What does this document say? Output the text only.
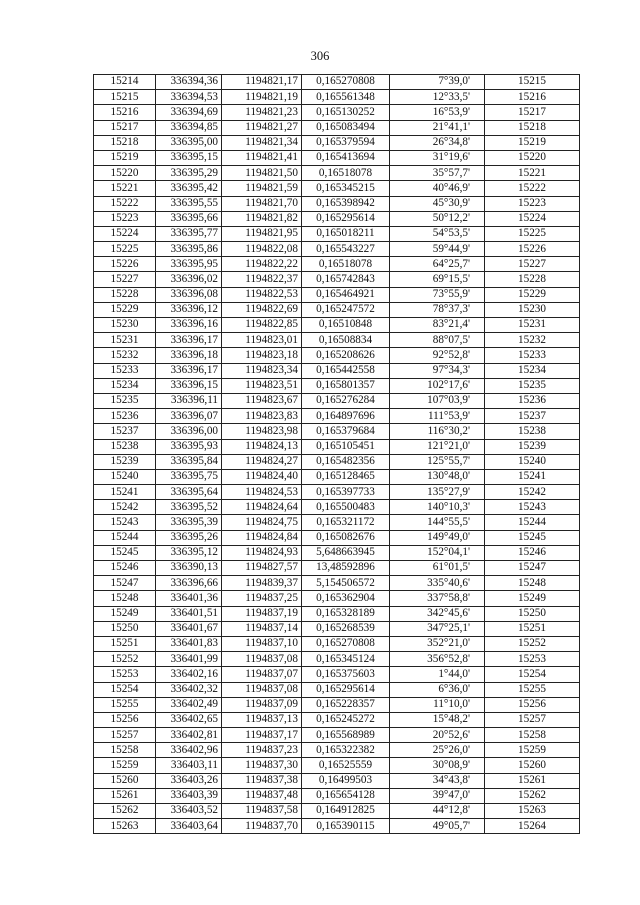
306
15214	336394,36	1194821,17	0,165270808	7°39,0'	15215
15215	336394,53	1194821,19	0,165561348	12°33,5'	15216
15216	336394,69	1194821,23	0,165130252	16°53,9'	15217
15217	336394,85	1194821,27	0,165083494	21°41,1'	15218
15218	336395,00	1194821,34	0,165379594	26°34,8'	15219
15219	336395,15	1194821,41	0,165413694	31°19,6'	15220
15220	336395,29	1194821,50	0,16518078	35°57,7'	15221
15221	336395,42	1194821,59	0,165345215	40°46,9'	15222
15222	336395,55	1194821,70	0,165398942	45°30,9'	15223
15223	336395,66	1194821,82	0,165295614	50°12,2'	15224
15224	336395,77	1194821,95	0,165018211	54°53,5'	15225
15225	336395,86	1194822,08	0,165543227	59°44,9'	15226
15226	336395,95	1194822,22	0,16518078	64°25,7'	15227
15227	336396,02	1194822,37	0,165742843	69°15,5'	15228
15228	336396,08	1194822,53	0,165464921	73°55,9'	15229
15229	336396,12	1194822,69	0,165247572	78°37,3'	15230
15230	336396,16	1194822,85	0,16510848	83°21,4'	15231
15231	336396,17	1194823,01	0,16508834	88°07,5'	15232
15232	336396,18	1194823,18	0,165208626	92°52,8'	15233
15233	336396,17	1194823,34	0,165442558	97°34,3'	15234
15234	336396,15	1194823,51	0,165801357	102°17,6'	15235
15235	336396,11	1194823,67	0,165276284	107°03,9'	15236
15236	336396,07	1194823,83	0,164897696	111°53,9'	15237
15237	336396,00	1194823,98	0,165379684	116°30,2'	15238
15238	336395,93	1194824,13	0,165105451	121°21,0'	15239
15239	336395,84	1194824,27	0,165482356	125°55,7'	15240
15240	336395,75	1194824,40	0,165128465	130°48,0'	15241
15241	336395,64	1194824,53	0,165397733	135°27,9'	15242
15242	336395,52	1194824,64	0,165500483	140°10,3'	15243
15243	336395,39	1194824,75	0,165321172	144°55,5'	15244
15244	336395,26	1194824,84	0,165082676	149°49,0'	15245
15245	336395,12	1194824,93	5,648663945	152°04,1'	15246
15246	336390,13	1194827,57	13,48592896	61°01,5'	15247
15247	336396,66	1194839,37	5,154506572	335°40,6'	15248
15248	336401,36	1194837,25	0,165362904	337°58,8'	15249
15249	336401,51	1194837,19	0,165328189	342°45,6'	15250
15250	336401,67	1194837,14	0,165268539	347°25,1'	15251
15251	336401,83	1194837,10	0,165270808	352°21,0'	15252
15252	336401,99	1194837,08	0,165345124	356°52,8'	15253
15253	336402,16	1194837,07	0,165375603	1°44,0'	15254
15254	336402,32	1194837,08	0,165295614	6°36,0'	15255
15255	336402,49	1194837,09	0,165228357	11°10,0'	15256
15256	336402,65	1194837,13	0,165245272	15°48,2'	15257
15257	336402,81	1194837,17	0,165568989	20°52,6'	15258
15258	336402,96	1194837,23	0,165322382	25°26,0'	15259
15259	336403,11	1194837,30	0,16525559	30°08,9'	15260
15260	336403,26	1194837,38	0,16499503	34°43,8'	15261
15261	336403,39	1194837,48	0,165654128	39°47,0'	15262
15262	336403,52	1194837,58	0,164912825	44°12,8'	15263
15263	336403,64	1194837,70	0,165390115	49°05,7'	15264
